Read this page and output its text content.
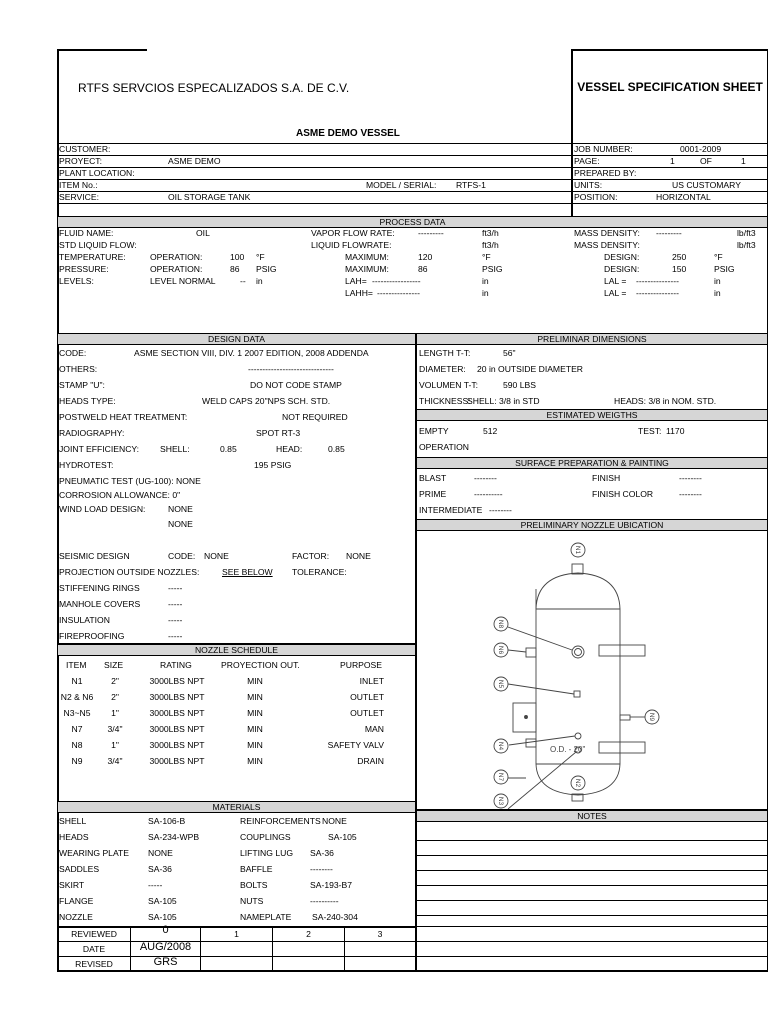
RTFS SERVCIOS ESPECALIZADOS S.A. DE C.V.	VESSEL SPECIFICATION SHEET
ASME DEMO VESSEL
CUSTOMER:
PROYECT:	ASME DEMO
PLANT LOCATION:
ITEM No.:	MODEL / SERIAL: RTFS-1
SERVICE:	OIL STORAGE TANK
JOB NUMBER:	0001-2009
PAGE:	1	OF	1
PREPARED BY:
UNITS:	US CUSTOMARY
POSITION:	HORIZONTAL
PROCESS DATA
FLUID NAME:	OIL	VAPOR FLOW RATE:	---------	ft3/h	MASS DENSITY: ---------	lb/ft3
STD LIQUID FLOW:	LIQUID FLOWRATE:	ft3/h	MASS DENSITY:	lb/ft3
TEMPERATURE:	OPERATION:	100 °F	MAXIMUM:	120	°F	DESIGN:	250	°F
PRESSURE:	OPERATION:	86 PSIG	MAXIMUM:	86	PSIG	DESIGN:	150	PSIG
LEVELS:	LEVEL NORMAL	-- in	LAH= -----------------	in	LAL = ---------------	in
LAHH= ---------------	in	LAL = ---------------	in
DESIGN DATA
CODE:	ASME SECTION VIII, DIV. 1 2007 EDITION, 2008 ADDENDA
OTHERS:	------------------------------
STAMP "U":	DO NOT CODE STAMP
HEADS TYPE:	WELD CAPS 20"NPS SCH. STD.
POSTWELD HEAT TREATMENT:	NOT REQUIRED
RADIOGRAPHY:	SPOT RT-3
JOINT EFFICIENCY: SHELL:	0.85	HEAD:	0.85
HYDROTEST:	195 PSIG
PNEUMATIC TEST (UG-100): NONE
CORROSION ALLOWANCE: 0"
WIND LOAD DESIGN:	NONE
NONE
SEISMIC DESIGN	CODE: NONE	FACTOR: NONE
PROJECTION OUTSIDE NOZZLES:	SEE BELOW TOLERANCE:
STIFFENING RINGS	-----
MANHOLE COVERS	-----
INSULATION	-----
FIREPROOFING	-----
NOZZLE SCHEDULE
ITEM SIZE	RATING	PROYECTION OUT.	PURPOSE
N1	2"	3000LBS NPT	MIN	INLET
N2 & N6	2"	3000LBS NPT	MIN	OUTLET
N3~N5	1"	3000LBS NPT	MIN	OUTLET
N7	3/4"	3000LBS NPT	MIN	MAN
N8	1"	3000LBS NPT	MIN	SAFETY VALV
N9	3/4"	3000LBS NPT	MIN	DRAIN
MATERIALS
SHELL	SA-106-B	REINFORCEMENTS NONE
HEADS	SA-234-WPB	COUPLINGS	SA-105
WEARING PLATE NONE	LIFTING LUG SA-36
SADDLES	SA-36	BAFFLE	--------
SKIRT	-----	BOLTS	SA-193-B7
FLANGE	SA-105	NUTS	----------
NOZZLE	SA-105	NAMEPLATE SA-240-304
REVIEWED	0	1	2	3
DATE	AUG/2008
REVISED	GRS
PRELIMINAR DIMENSIONS
LENGTH T-T:	56"
DIAMETER: 20 in OUTSIDE DIAMETER
VOLUMEN T-T:	590 LBS
THICKNESS:
SHELL: 3/8 in STD	HEADS: 3/8 in NOM. STD.
ESTIMATED WEIGTHS
EMPTY	512	TEST: 1170
OPERATION
SURFACE PREPARATION & PAINTING
BLAST	--------	FINISH	--------
PRIME	----------	FINISH COLOR	--------
INTERMEDIATE --------
PRELIMINARY NOZZLE UBICATION
N1
N8
N6
N5
N4
N7
N3
N9
N2
O.D. - 20"
NOTES
